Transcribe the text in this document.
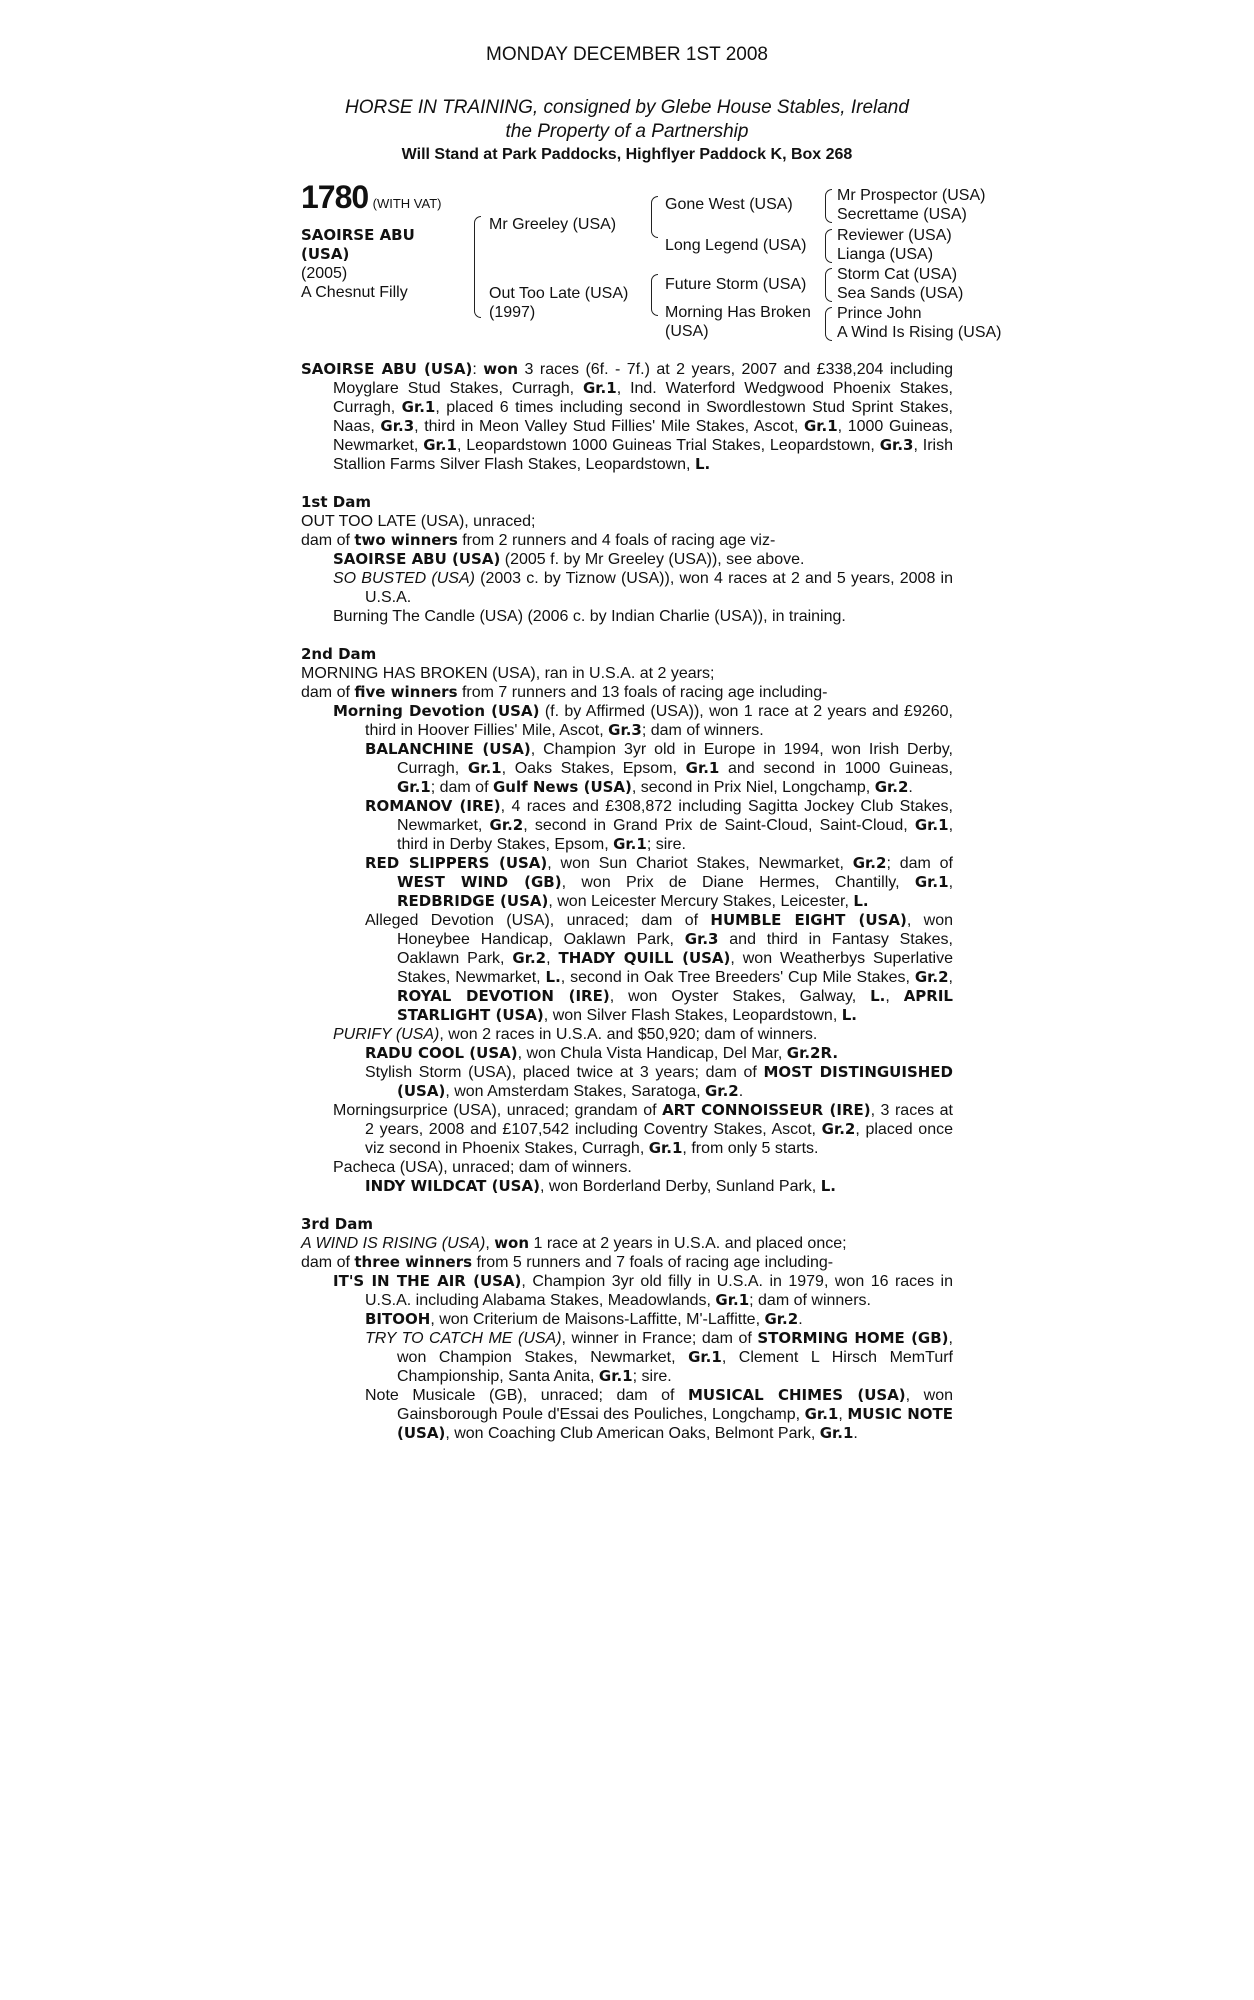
MONDAY DECEMBER 1ST 2008
HORSE IN TRAINING, consigned by Glebe House Stables, Ireland
the Property of a Partnership
Will Stand at Park Paddocks, Highflyer Paddock K, Box 268
1780 (WITH VAT)
SAOIRSE ABU
(USA)
(2005)
A Chesnut Filly
Mr Greeley (USA)
Out Too Late (USA)
(1997)
Gone West (USA)
Long Legend (USA)
Future Storm (USA)
Morning Has Broken
(USA)
Mr Prospector (USA)
Secrettame (USA)
Reviewer (USA)
Lianga (USA)
Storm Cat (USA)
Sea Sands (USA)
Prince John
A Wind Is Rising (USA)

SAOIRSE ABU (USA): won 3 races (6f. - 7f.) at 2 years, 2007 and £338,204 including Moyglare Stud Stakes, Curragh, Gr.1, Ind. Waterford Wedgwood Phoenix Stakes, Curragh, Gr.1, placed 6 times including second in Swordlestown Stud Sprint Stakes, Naas, Gr.3, third in Meon Valley Stud Fillies' Mile Stakes, Ascot, Gr.1, 1000 Guineas, Newmarket, Gr.1, Leopardstown 1000 Guineas Trial Stakes, Leopardstown, Gr.3, Irish Stallion Farms Silver Flash Stakes, Leopardstown, L.

1st Dam

OUT TOO LATE (USA), unraced;

dam of two winners from 2 runners and 4 foals of racing age viz-

SAOIRSE ABU (USA) (2005 f. by Mr Greeley (USA)), see above.

SO BUSTED (USA) (2003 c. by Tiznow (USA)), won 4 races at 2 and 5 years, 2008 in U.S.A.

Burning The Candle (USA) (2006 c. by Indian Charlie (USA)), in training.

2nd Dam

MORNING HAS BROKEN (USA), ran in U.S.A. at 2 years;

dam of five winners from 7 runners and 13 foals of racing age including-

Morning Devotion (USA) (f. by Affirmed (USA)), won 1 race at 2 years and £9260, third in Hoover Fillies' Mile, Ascot, Gr.3; dam of winners.

BALANCHINE (USA), Champion 3yr old in Europe in 1994, won Irish Derby, Curragh, Gr.1, Oaks Stakes, Epsom, Gr.1 and second in 1000 Guineas, Gr.1; dam of Gulf News (USA), second in Prix Niel, Longchamp, Gr.2.

ROMANOV (IRE), 4 races and £308,872 including Sagitta Jockey Club Stakes, Newmarket, Gr.2, second in Grand Prix de Saint-Cloud, Saint-Cloud, Gr.1, third in Derby Stakes, Epsom, Gr.1; sire.

RED SLIPPERS (USA), won Sun Chariot Stakes, Newmarket, Gr.2; dam of WEST WIND (GB), won Prix de Diane Hermes, Chantilly, Gr.1, REDBRIDGE (USA), won Leicester Mercury Stakes, Leicester, L.

Alleged Devotion (USA), unraced; dam of HUMBLE EIGHT (USA), won Honeybee Handicap, Oaklawn Park, Gr.3 and third in Fantasy Stakes, Oaklawn Park, Gr.2, THADY QUILL (USA), won Weatherbys Superlative Stakes, Newmarket, L., second in Oak Tree Breeders' Cup Mile Stakes, Gr.2, ROYAL DEVOTION (IRE), won Oyster Stakes, Galway, L., APRIL STARLIGHT (USA), won Silver Flash Stakes, Leopardstown, L.

PURIFY (USA), won 2 races in U.S.A. and $50,920; dam of winners.

RADU COOL (USA), won Chula Vista Handicap, Del Mar, Gr.2R.

Stylish Storm (USA), placed twice at 3 years; dam of MOST DISTINGUISHED (USA), won Amsterdam Stakes, Saratoga, Gr.2.

Morningsurprice (USA), unraced; grandam of ART CONNOISSEUR (IRE), 3 races at 2 years, 2008 and £107,542 including Coventry Stakes, Ascot, Gr.2, placed once viz second in Phoenix Stakes, Curragh, Gr.1, from only 5 starts.

Pacheca (USA), unraced; dam of winners.

INDY WILDCAT (USA), won Borderland Derby, Sunland Park, L.

3rd Dam

A WIND IS RISING (USA), won 1 race at 2 years in U.S.A. and placed once;

dam of three winners from 5 runners and 7 foals of racing age including-

IT'S IN THE AIR (USA), Champion 3yr old filly in U.S.A. in 1979, won 16 races in U.S.A. including Alabama Stakes, Meadowlands, Gr.1; dam of winners.

BITOOH, won Criterium de Maisons-Laffitte, M'-Laffitte, Gr.2.

TRY TO CATCH ME (USA), winner in France; dam of STORMING HOME (GB), won Champion Stakes, Newmarket, Gr.1, Clement L Hirsch MemTurf Championship, Santa Anita, Gr.1; sire.

Note Musicale (GB), unraced; dam of MUSICAL CHIMES (USA), won Gainsborough Poule d'Essai des Pouliches, Longchamp, Gr.1, MUSIC NOTE (USA), won Coaching Club American Oaks, Belmont Park, Gr.1.
